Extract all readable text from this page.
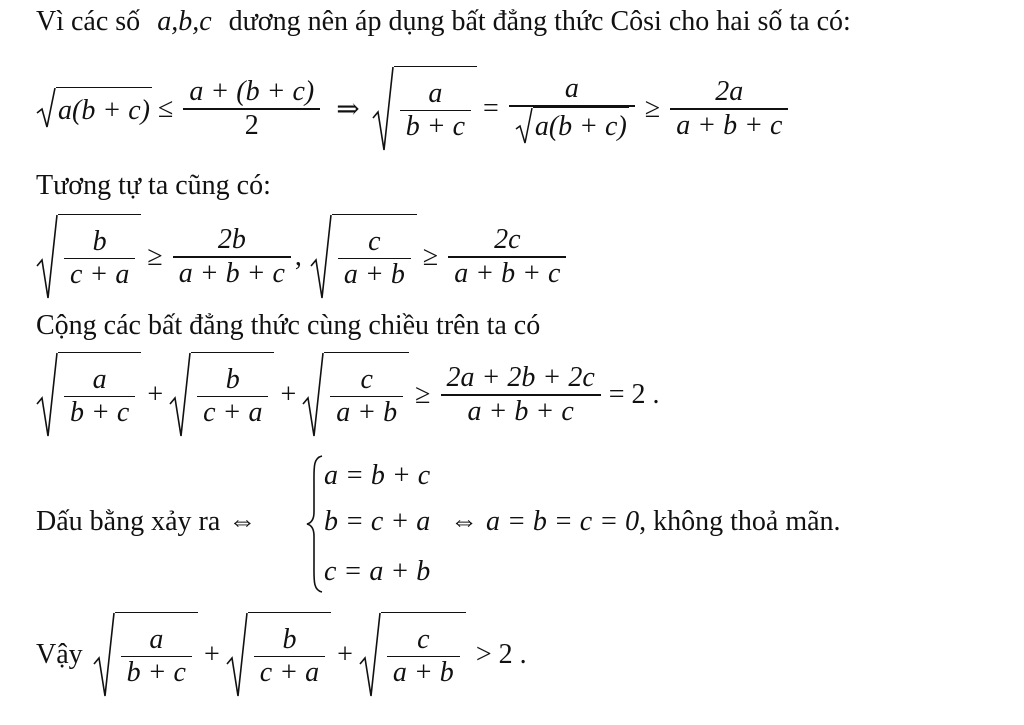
Vì các số a,b,c dương nên áp dụng bất đẳng thức Côsi cho hai số ta có:
$a(b + c) \le \frac{a + (b + c)}{2}$ ⇒ $\frac{a}{b + c} = \frac{a}{a(b + c)} \ge \frac{2a}{a + b + c}$
Tương tự ta cũng có:
$\frac{b}{c + a} \ge \frac{2b}{a + b + c}$ , $\frac{c}{a + b} \ge \frac{2c}{a + b + c}$
Cộng các bất đẳng thức cùng chiều trên ta có
$\frac{a}{b + c} + \frac{b}{c + a} + \frac{c}{a + b} \ge \frac{2a + 2b + 2c}{a + b + c} = 2$ .
Dấu bằng xảy ra ⇔
a = b + c
b = c + a
c = a + b
⇔ a = b = c = 0 , không thoả mãn.
Vậy $\frac{a}{b + c} + \frac{b}{c + a} + \frac{c}{a + b} > 2$ .
